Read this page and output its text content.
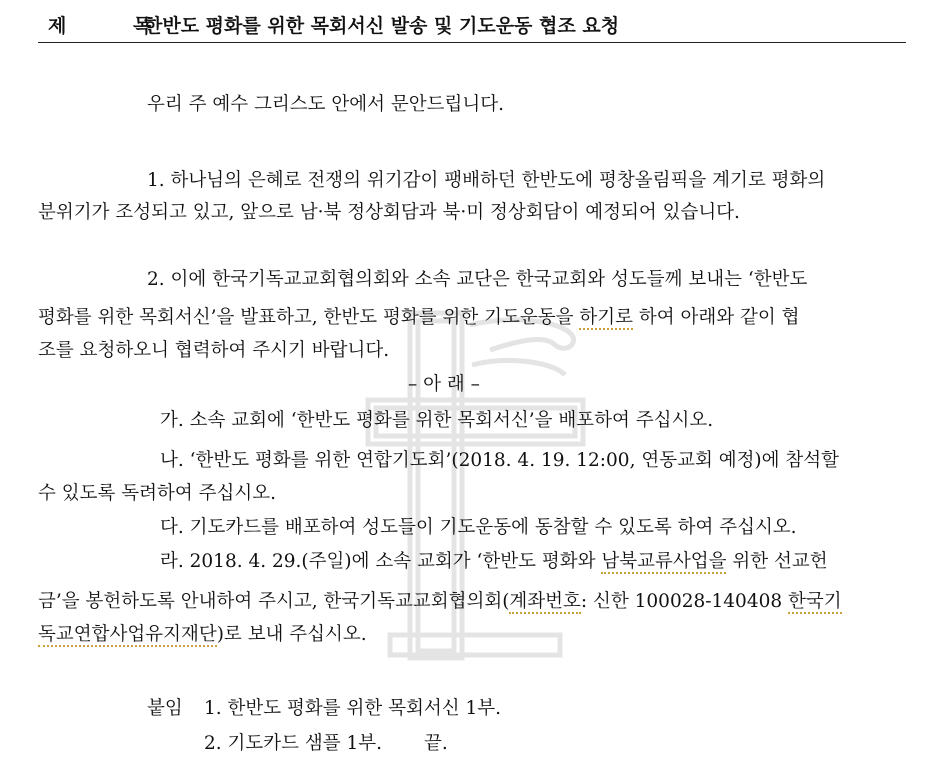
제 목
한반도 평화를 위한 목회서신 발송 및 기도운동 협조 요청
우리 주 예수 그리스도 안에서 문안드립니다.
1. 하나님의 은혜로 전쟁의 위기감이 팽배하던 한반도에 평창올림픽을 계기로 평화의
분위기가 조성되고 있고, 앞으로 남·북 정상회담과 북·미 정상회담이 예정되어 있습니다.
2. 이에 한국기독교교회협의회와 소속 교단은 한국교회와 성도들께 보내는 ‘한반도
평화를 위한 목회서신’을 발표하고, 한반도 평화를 위한 기도운동을 하기로 하여 아래와 같이 협
조를 요청하오니 협력하여 주시기 바랍니다.
– 아 래 –
가. 소속 교회에 ‘한반도 평화를 위한 목회서신’을 배포하여 주십시오.
나. ‘한반도 평화를 위한 연합기도회’(2018. 4. 19. 12:00, 연동교회 예정)에 참석할
수 있도록 독려하여 주십시오.
다. 기도카드를 배포하여 성도들이 기도운동에 동참할 수 있도록 하여 주십시오.
라. 2018. 4. 29.(주일)에 소속 교회가 ‘한반도 평화와 남북교류사업을 위한 선교헌
금’을 봉헌하도록 안내하여 주시고, 한국기독교교회협의회(계좌번호: 신한 100028-140408 한국기
독교연합사업유지재단)로 보내 주십시오.
붙임 1. 한반도 평화를 위한 목회서신 1부.
2. 기도카드 샘플 1부. 끝.
